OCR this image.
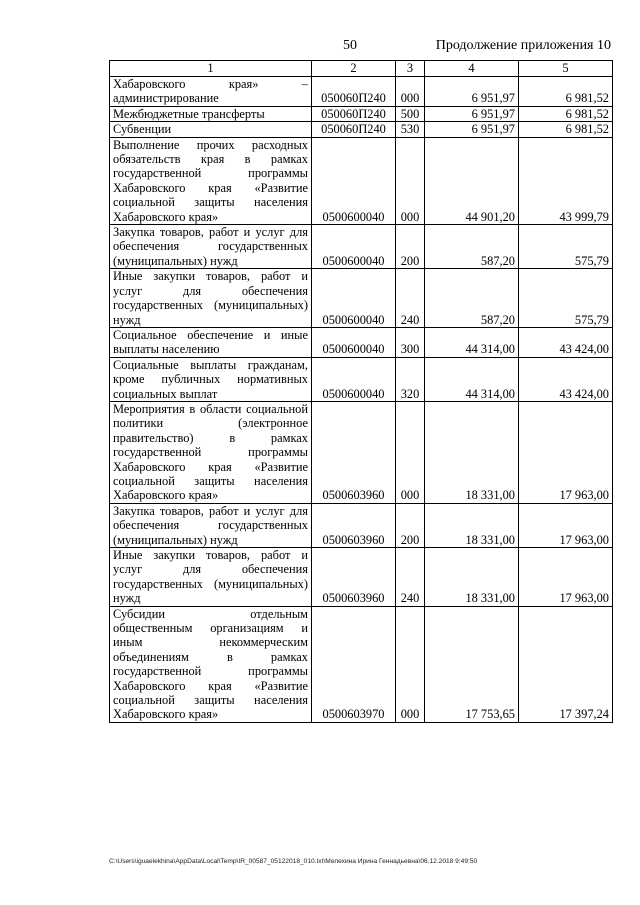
50	Продолжение приложения 10
1	2	3	4	5
Хабаровского края» – администрирование	050060П240	000	6 951,97	6 981,52
Межбюджетные трансферты	050060П240	500	6 951,97	6 981,52
Субвенции	050060П240	530	6 951,97	6 981,52
Выполнение прочих расходных обязательств края в рамках государственной программы Хабаровского края «Развитие социальной защиты населения Хабаровского края»	0500600040	000	44 901,20	43 999,79
Закупка товаров, работ и услуг для обеспечения государственных (муниципальных) нужд	0500600040	200	587,20	575,79
Иные закупки товаров, работ и услуг для обеспечения государственных (муниципальных) нужд	0500600040	240	587,20	575,79
Социальное обеспечение и иные выплаты населению	0500600040	300	44 314,00	43 424,00
Социальные выплаты гражданам, кроме публичных нормативных социальных выплат	0500600040	320	44 314,00	43 424,00
Мероприятия в области социальной политики (электронное правительство) в рамках государственной программы Хабаровского края «Развитие социальной защиты населения Хабаровского края»	0500603960	000	18 331,00	17 963,00
Закупка товаров, работ и услуг для обеспечения государственных (муниципальных) нужд	0500603960	200	18 331,00	17 963,00
Иные закупки товаров, работ и услуг для обеспечения государственных (муниципальных) нужд	0500603960	240	18 331,00	17 963,00
Субсидии отдельным общественным организациям и иным некоммерческим объединениям в рамках государственной программы Хабаровского края «Развитие социальной защиты населения Хабаровского края»	0500603970	000	17 753,65	17 397,24
C:\Users\iguaelekhina\AppData\Local\Temp\IR_00587_05122018_010.txt\Мелехина Ирина Геннадьевна\06.12.2018 9:49:50
